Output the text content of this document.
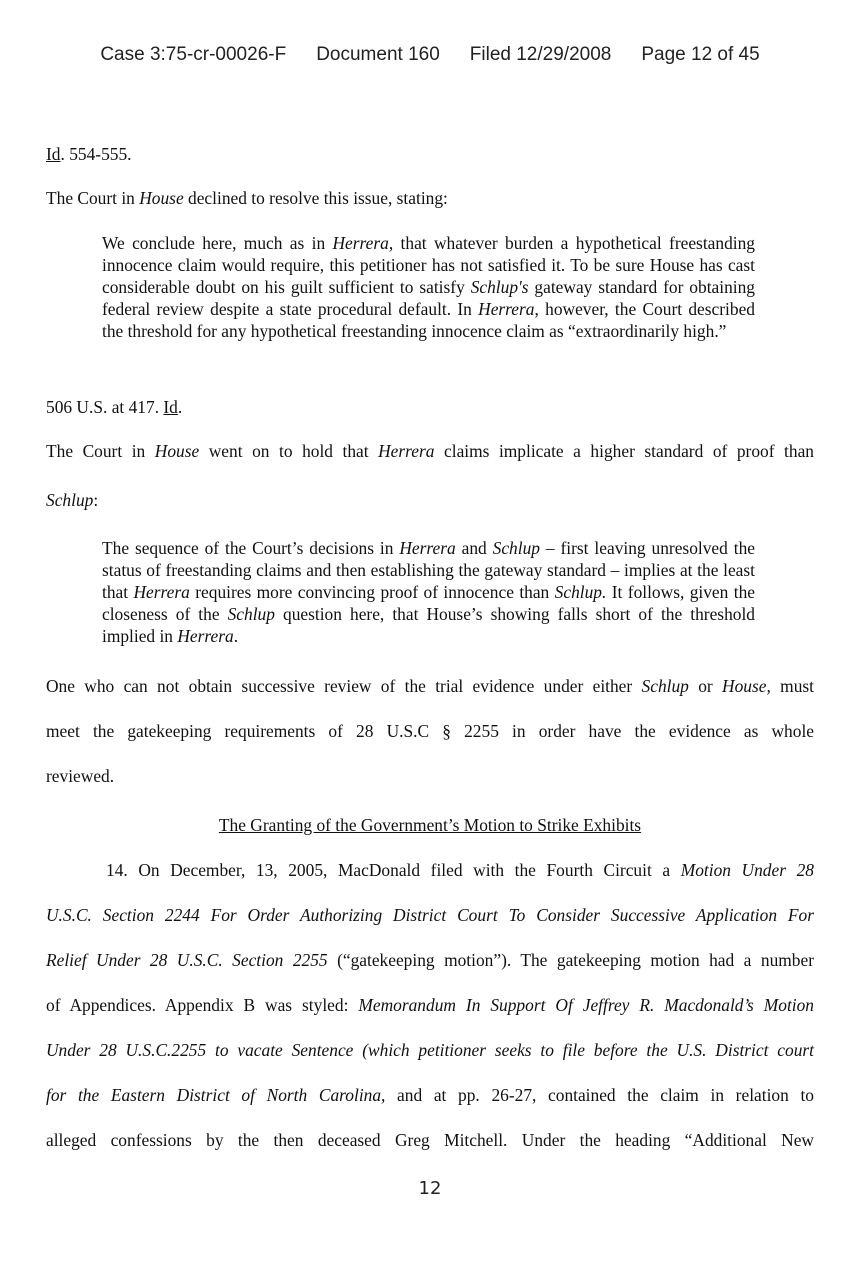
Case 3:75-cr-00026-F Document 160 Filed 12/29/2008 Page 12 of 45

Id. 554-555.

The Court in House declined to resolve this issue, stating:

We conclude here, much as in Herrera, that whatever burden a hypothetical freestanding innocence claim would require, this petitioner has not satisfied it. To be sure House has cast considerable doubt on his guilt sufficient to satisfy Schlup's gateway standard for obtaining federal review despite a state procedural default. In Herrera, however, the Court described the threshold for any hypothetical freestanding innocence claim as “extraordinarily high.”

506 U.S. at 417. Id.

The Court in House went on to hold that Herrera claims implicate a higher standard of proof than

Schlup:

The sequence of the Court’s decisions in Herrera and Schlup – first leaving unresolved the status of freestanding claims and then establishing the gateway standard – implies at the least that Herrera requires more convincing proof of innocence than Schlup. It follows, given the closeness of the Schlup question here, that House’s showing falls short of the threshold implied in Herrera.

One who can not obtain successive review of the trial evidence under either Schlup or House, must

meet the gatekeeping requirements of 28 U.S.C § 2255 in order have the evidence as whole

reviewed.

The Granting of the Government’s Motion to Strike Exhibits

14. On December, 13, 2005, MacDonald filed with the Fourth Circuit a Motion Under 28

U.S.C. Section 2244 For Order Authorizing District Court To Consider Successive Application For

Relief Under 28 U.S.C. Section 2255 (“gatekeeping motion”). The gatekeeping motion had a number

of Appendices. Appendix B was styled: Memorandum In Support Of Jeffrey R. Macdonald’s Motion

Under 28 U.S.C.2255 to vacate Sentence (which petitioner seeks to file before the U.S. District court

for the Eastern District of North Carolina, and at pp. 26-27, contained the claim in relation to

alleged confessions by the then deceased Greg Mitchell. Under the heading “Additional New

12
